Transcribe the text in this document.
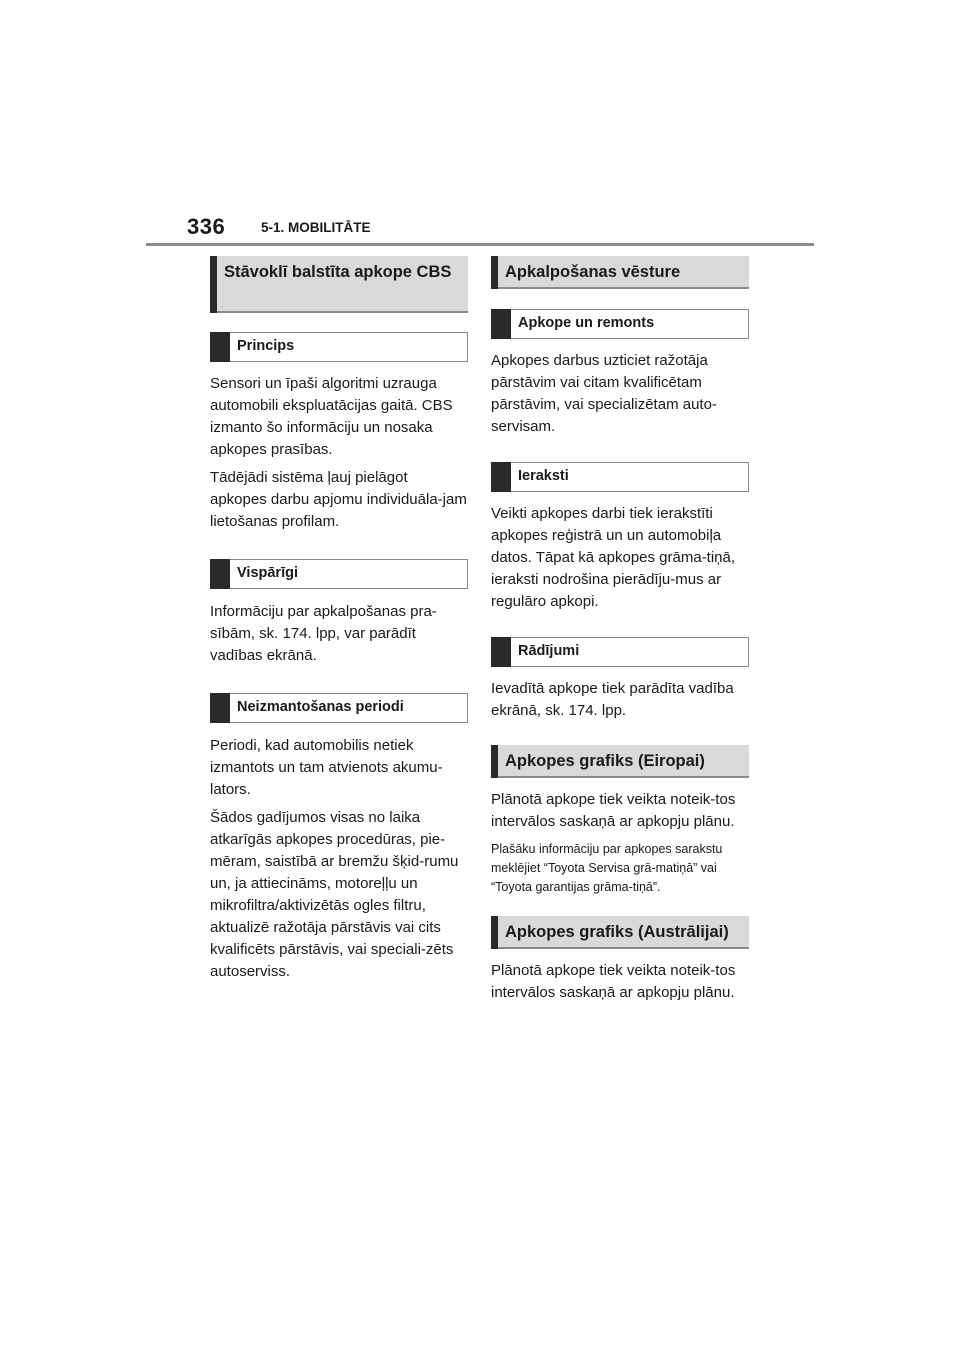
336	5-1. MOBILITĀTE
Stāvoklī balstīta apkope CBS
Princips

Sensori un īpaši algoritmi uzrauga automobili ekspluatācijas gaitā. CBS izmanto šo informāciju un nosaka apkopes prasības.

Tādējādi sistēma ļauj pielāgot apkopes darbu apjomu individuāla-jam lietošanas profilam.

Vispārīgi

Informāciju par apkalpošanas pra-sībām, sk. 174. lpp, var parādīt vadības ekrānā.

Neizmantošanas periodi

Periodi, kad automobilis netiek izmantots un tam atvienots akumu-lators.

Šādos gadījumos visas no laika atkarīgās apkopes procedūras, pie-mēram, saistībā ar bremžu šķid-rumu un, ja attiecināms, motoreļļu un mikrofiltra/aktivizētās ogles filtru, aktualizē ražotāja pārstāvis vai cits kvalificēts pārstāvis, vai speciali-zēts autoserviss.

Apkalpošanas vēsture
Apkope un remonts

Apkopes darbus uzticiet ražotāja pārstāvim vai citam kvalificētam pārstāvim, vai specializētam auto-servisam.

Ieraksti

Veikti apkopes darbi tiek ierakstīti apkopes reģistrā un un automobiļa datos. Tāpat kā apkopes grāma-tiņā, ieraksti nodrošina pierādīju-mus ar regulāro apkopi.

Rādījumi

Ievadītā apkope tiek parādīta vadība ekrānā, sk. 174. lpp.

Apkopes grafiks (Eiropai)

Plānotā apkope tiek veikta noteik-tos intervālos saskaņā ar apkopju plānu.

Plašāku informāciju par apkopes sarakstu meklējiet “Toyota Servisa grā-matiņā” vai “Toyota garantijas grāma-tiņā”.

Apkopes grafiks (Austrālijai)

Plānotā apkope tiek veikta noteik-tos intervālos saskaņā ar apkopju plānu.
